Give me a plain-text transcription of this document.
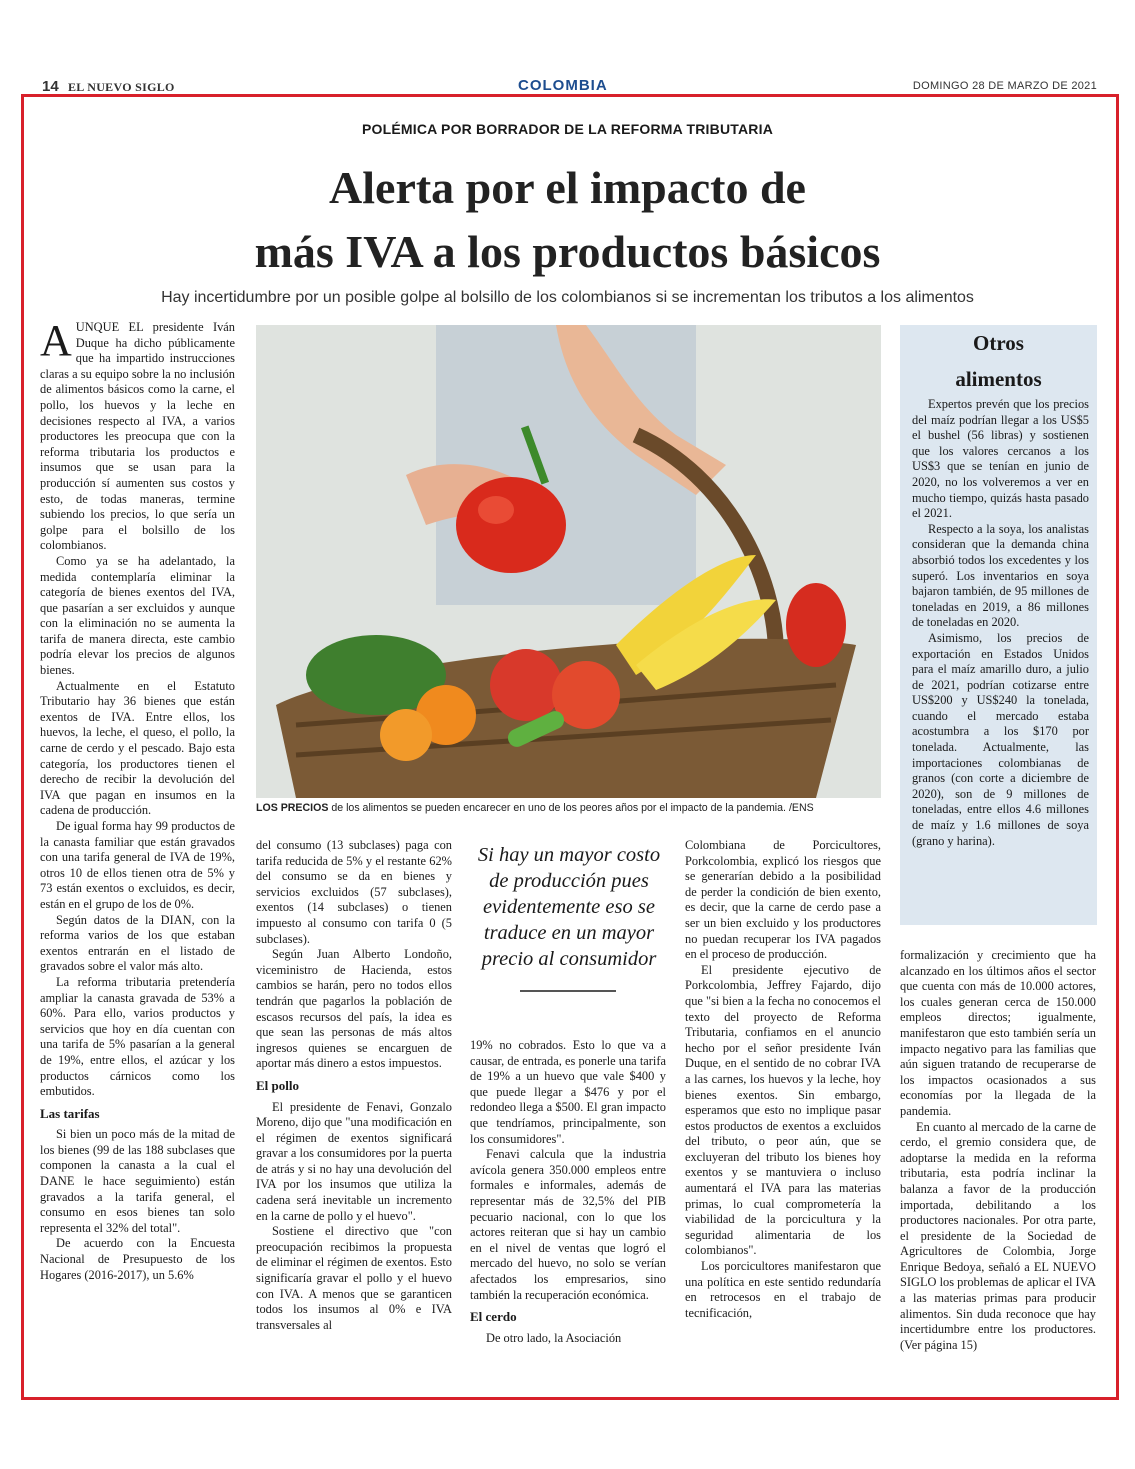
14 EL NUEVO SIGLO	COLOMBIA	DOMINGO 28 DE MARZO DE 2021
POLÉMICA POR BORRADOR DE LA REFORMA TRIBUTARIA
Alerta por el impacto de
más IVA a los productos básicos
Hay incertidumbre por un posible golpe al bolsillo de los colombianos si se incrementan los tributos a los alimentos

AUNQUE EL presidente Iván Duque ha dicho públicamente que ha impartido instrucciones claras a su equipo sobre la no inclusión de alimentos básicos como la carne, el pollo, los huevos y la leche en decisiones respecto al IVA, a varios productores les preocupa que con la reforma tributaria los productos e insumos que se usan para la producción sí aumenten sus costos y esto, de todas maneras, termine subiendo los precios, lo que sería un golpe para el bolsillo de los colombianos.

Como ya se ha adelantado, la medida contemplaría eliminar la categoría de bienes exentos del IVA, que pasarían a ser excluidos y aunque con la eliminación no se aumenta la tarifa de manera directa, este cambio podría elevar los precios de algunos bienes.

Actualmente en el Estatuto Tributario hay 36 bienes que están exentos de IVA. Entre ellos, los huevos, la leche, el queso, el pollo, la carne de cerdo y el pescado. Bajo esta categoría, los productores tienen el derecho de recibir la devolución del IVA que pagan en insumos en la cadena de producción.

De igual forma hay 99 productos de la canasta familiar que están gravados con una tarifa general de IVA de 19%, otros 10 de ellos tienen otra de 5% y 73 están exentos o excluidos, es decir, están en el grupo de los de 0%.

Según datos de la DIAN, con la reforma varios de los que estaban exentos entrarán en el listado de gravados sobre el valor más alto.

La reforma tributaria pretendería ampliar la canasta gravada de 53% a 60%. Para ello, varios productos y servicios que hoy en día cuentan con una tarifa de 5% pasarían a la general de 19%, entre ellos, el azúcar y los productos cárnicos como los embutidos.

Las tarifas

Si bien un poco más de la mitad de los bienes (99 de las 188 subclases que componen la canasta a la cual el DANE le hace seguimiento) están gravados a la tarifa general, el consumo en esos bienes tan solo representa el 32% del total".

De acuerdo con la Encuesta Nacional de Presupuesto de los Hogares (2016-2017), un 5.6%

LOS PRECIOS de los alimentos se pueden encarecer en uno de los peores años por el impacto de la pandemia. /ENS
Otros
alimentos

Expertos prevén que los precios del maíz podrían llegar a los US$5 el bushel (56 libras) y sostienen que los valores cercanos a los US$3 que se tenían en junio de 2020, no los volveremos a ver en mucho tiempo, quizás hasta pasado el 2021.

Respecto a la soya, los analistas consideran que la demanda china absorbió todos los excedentes y los superó. Los inventarios en soya bajaron también, de 95 millones de toneladas en 2019, a 86 millones de toneladas en 2020.

Asimismo, los precios de exportación en Estados Unidos para el maíz amarillo duro, a julio de 2021, podrían cotizarse entre US$200 y US$240 la tonelada, cuando el mercado estaba acostumbra a los $170 por tonelada. Actualmente, las importaciones colombianas de granos (con corte a diciembre de 2020), son de 9 millones de toneladas, entre ellos 4.6 millones de maíz y 1.6 millones de soya (grano y harina).

del consumo (13 subclases) paga con tarifa reducida de 5% y el restante 62% del consumo se da en bienes y servicios excluidos (57 subclases), exentos (14 subclases) o tienen impuesto al consumo con tarifa 0 (5 subclases).

Según Juan Alberto Londoño, viceministro de Hacienda, estos cambios se harán, pero no todos ellos tendrán que pagarlos la población de escasos recursos del país, la idea es que sean las personas de más altos ingresos quienes se encarguen de aportar más dinero a estos impuestos.

El pollo

El presidente de Fenavi, Gonzalo Moreno, dijo que "una modificación en el régimen de exentos significará gravar a los consumidores por la puerta de atrás y si no hay una devolución del IVA por los insumos que utiliza la cadena será inevitable un incremento en la carne de pollo y el huevo".

Sostiene el directivo que "con preocupación recibimos la propuesta de eliminar el régimen de exentos. Esto significaría gravar el pollo y el huevo con IVA. A menos que se garanticen todos los insumos al 0% e IVA transversales al

Si hay un mayor costo de producción pues evidentemente eso se traduce en un mayor precio al consumidor

19% no cobrados. Esto lo que va a causar, de entrada, es ponerle una tarifa de 19% a un huevo que vale $400 y que puede llegar a $476 y por el redondeo llega a $500. El gran impacto que tendríamos, principalmente, son los consumidores".

Fenavi calcula que la industria avícola genera 350.000 empleos entre formales e informales, además de representar más de 32,5% del PIB pecuario nacional, con lo que los actores reiteran que si hay un cambio en el nivel de ventas que logró el mercado del huevo, no solo se verían afectados los empresarios, sino también la recuperación económica.

El cerdo

De otro lado, la Asociación

Colombiana de Porcicultores, Porkcolombia, explicó los riesgos que se generarían debido a la posibilidad de perder la condición de bien exento, es decir, que la carne de cerdo pase a ser un bien excluido y los productores no puedan recuperar los IVA pagados en el proceso de producción.

El presidente ejecutivo de Porkcolombia, Jeffrey Fajardo, dijo que "si bien a la fecha no conocemos el texto del proyecto de Reforma Tributaria, confiamos en el anuncio hecho por el señor presidente Iván Duque, en el sentido de no cobrar IVA a las carnes, los huevos y la leche, hoy bienes exentos. Sin embargo, esperamos que esto no implique pasar estos productos de exentos a excluidos del tributo, o peor aún, que se excluyeran del tributo los bienes hoy exentos y se mantuviera o incluso aumentará el IVA para las materias primas, lo cual comprometería la viabilidad de la porcicultura y la seguridad alimentaria de los colombianos".

Los porcicultores manifestaron que una política en este sentido redundaría en retrocesos en el trabajo de tecnificación,

formalización y crecimiento que ha alcanzado en los últimos años el sector que cuenta con más de 10.000 actores, los cuales generan cerca de 150.000 empleos directos; igualmente, manifestaron que esto también sería un impacto negativo para las familias que aún siguen tratando de recuperarse de los impactos ocasionados a sus economías por la llegada de la pandemia.

En cuanto al mercado de la carne de cerdo, el gremio considera que, de adoptarse la medida en la reforma tributaria, esta podría inclinar la balanza a favor de la producción importada, debilitando a los productores nacionales. Por otra parte, el presidente de la Sociedad de Agricultores de Colombia, Jorge Enrique Bedoya, señaló a EL NUEVO SIGLO los problemas de aplicar el IVA a las materias primas para producir alimentos. Sin duda reconoce que hay incertidumbre entre los productores. (Ver página 15)
